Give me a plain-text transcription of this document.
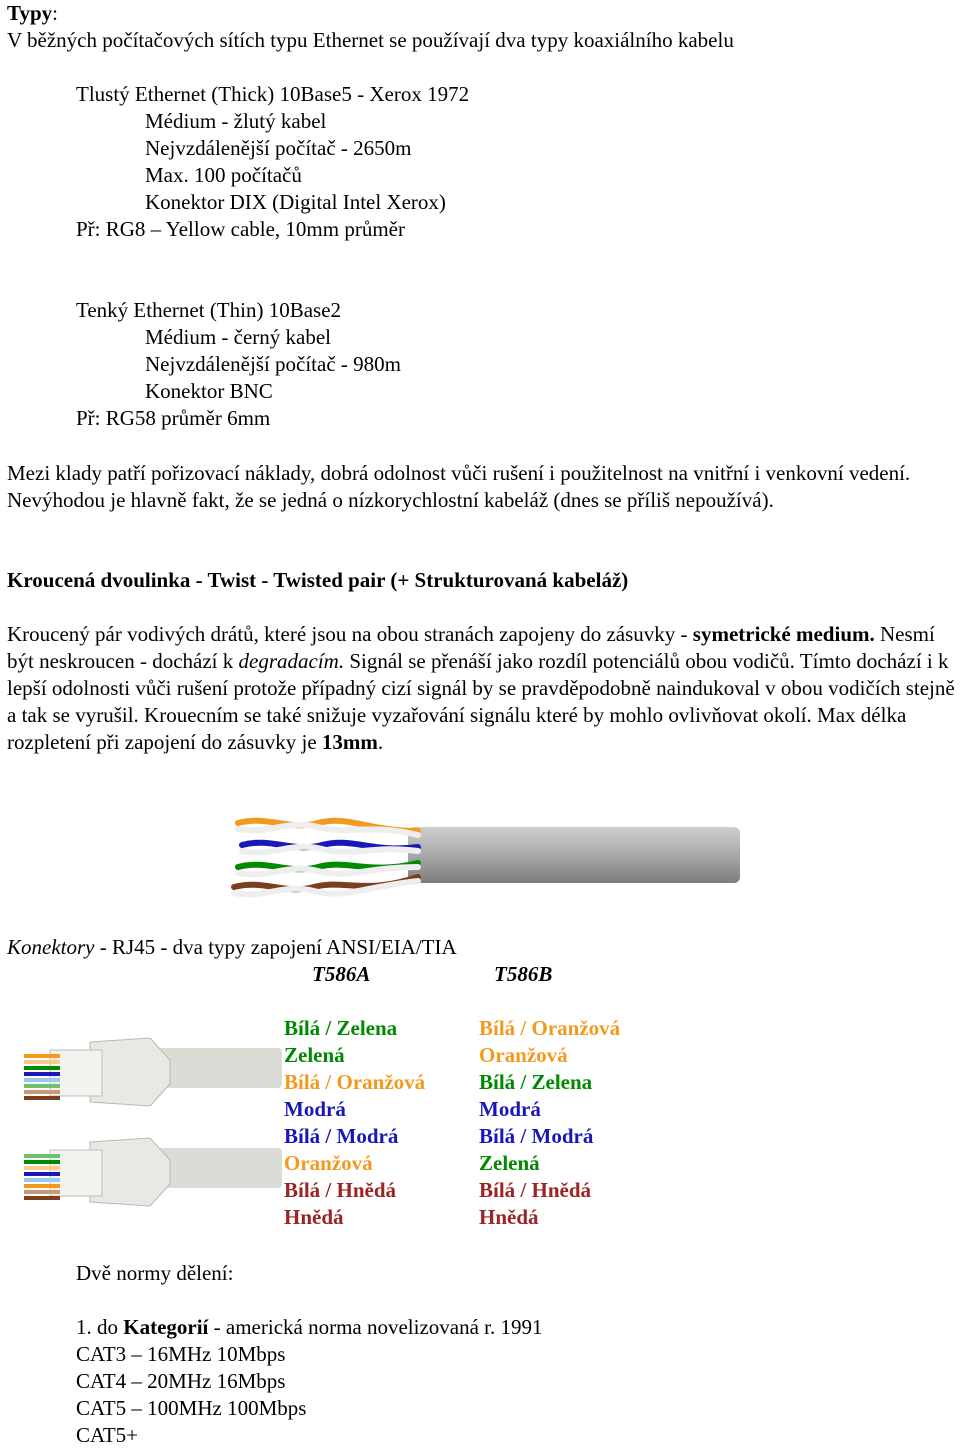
Typy:
V běžných počítačových sítích typu Ethernet se používají dva typy koaxiálního kabelu
Tlustý Ethernet (Thick) 10Base5 - Xerox 1972
Médium - žlutý kabel
Nejvzdálenější počítač - 2650m
Max. 100 počítačů
Konektor DIX (Digital Intel Xerox)
Př: RG8 – Yellow cable, 10mm průměr
Tenký Ethernet (Thin) 10Base2
Médium - černý kabel
Nejvzdálenější počítač - 980m
Konektor BNC
Př: RG58 průměr 6mm
Mezi klady patří pořizovací náklady, dobrá odolnost vůči rušení i použitelnost na vnitřní i venkovní vedení. Nevýhodou je hlavně fakt, že se jedná o nízkorychlostní kabeláž (dnes se příliš nepoužívá).
Kroucená dvoulinka - Twist - Twisted pair (+ Strukturovaná kabeláž)
Kroucený pár vodivých drátů, které jsou na obou stranách zapojeny do zásuvky - symetrické medium. Nesmí být neskroucen - dochází k degradacím. Signál se přenáší jako rozdíl potenciálů obou vodičů. Tímto dochází i k lepší odolnosti vůči rušení protože případný cizí signál by se pravděpodobně naindukoval v obou vodičích stejně a tak se vyrušil. Krouecním se také snižuje vyzařování signálu které by mohlo ovlivňovat okolí. Max délka rozpletení při zapojení do zásuvky je 13mm.
Konektory - RJ45 - dva typy zapojení ANSI/EIA/TIA
T586A	T586B
Bílá / Zelena
Zelená
Bílá / Oranžová
Modrá
Bílá / Modrá
Oranžová
Bílá / Hnědá
Hnědá
Bílá / Oranžová
Oranžová
Bílá / Zelena
Modrá
Bílá / Modrá
Zelená
Bílá / Hnědá
Hnědá
Dvě normy dělení:
1. do Kategorií - americká norma novelizovaná r. 1991
CAT3 – 16MHz 10Mbps
CAT4 – 20MHz 16Mbps
CAT5 – 100MHz 100Mbps
CAT5+
